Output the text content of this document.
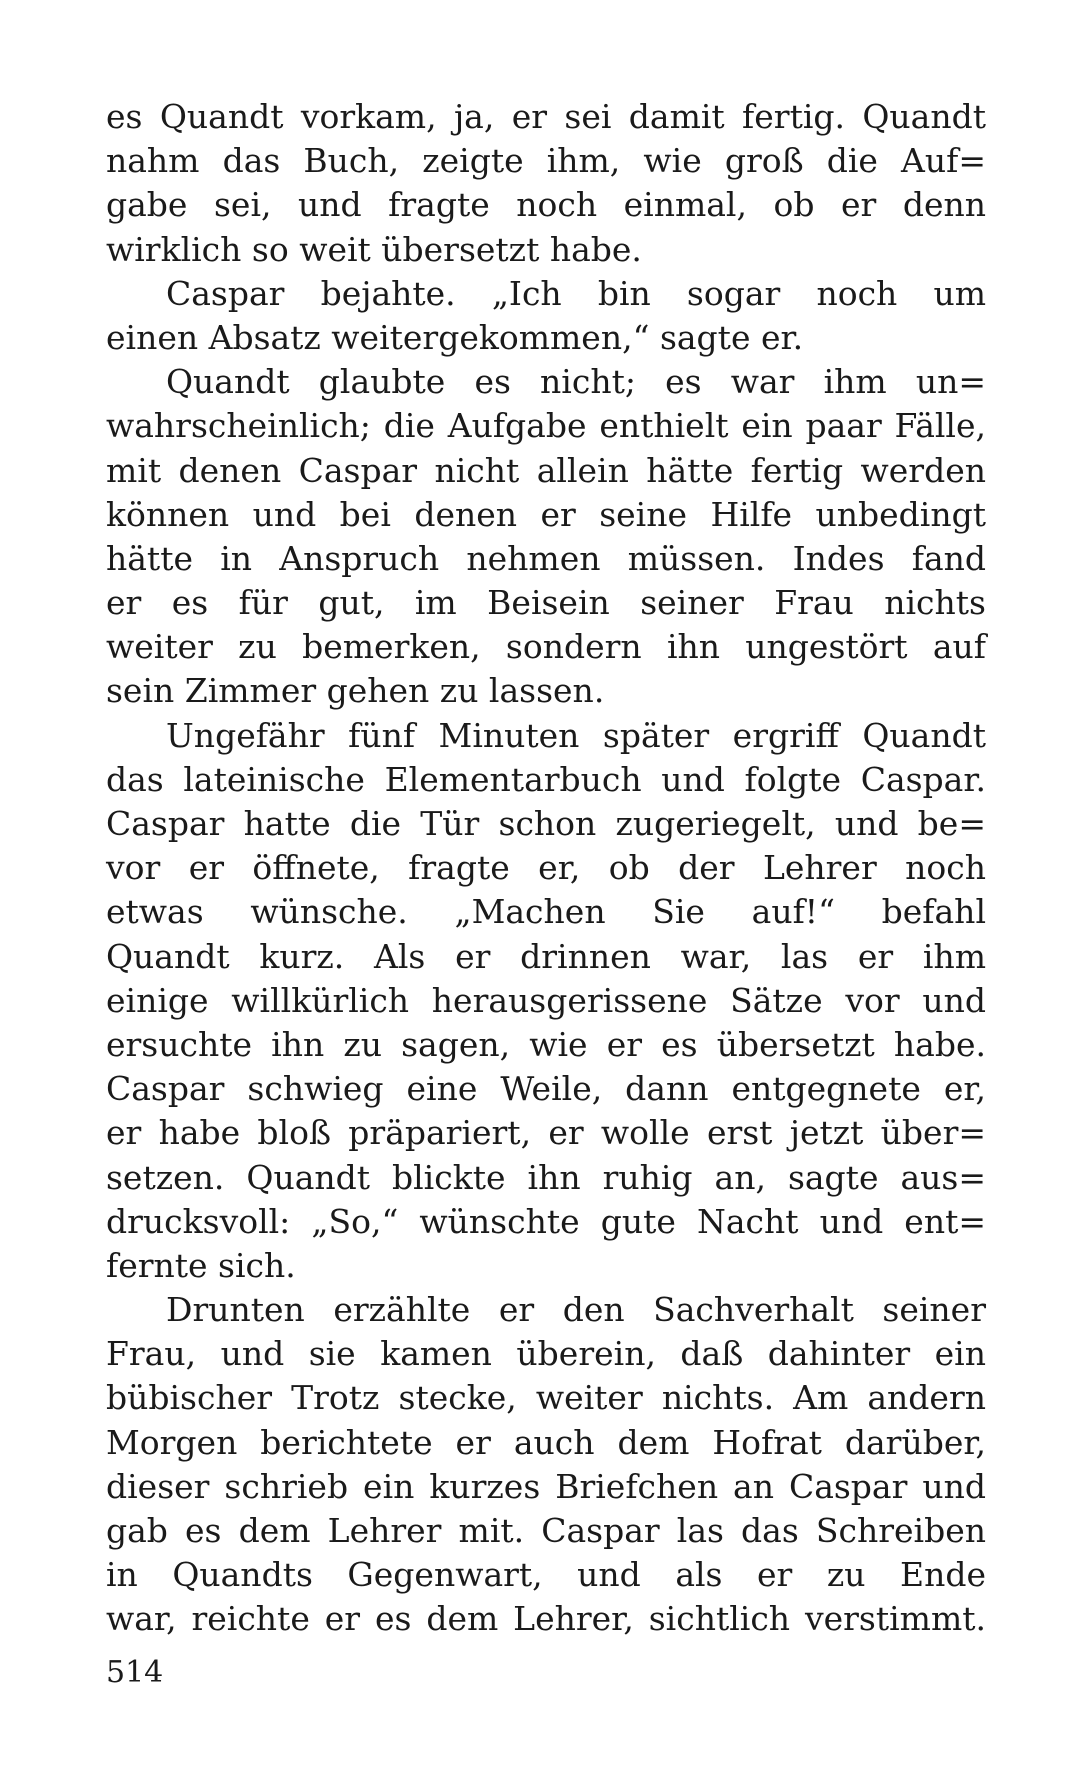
es Quandt vorkam, ja, er sei damit fertig. Quandt
nahm das Buch, zeigte ihm, wie groß die Auf=
gabe sei, und fragte noch einmal, ob er denn
wirklich so weit übersetzt habe.
Caspar bejahte. „Ich bin sogar noch um
einen Absatz weitergekommen,“ sagte er.
Quandt glaubte es nicht; es war ihm un=
wahrscheinlich; die Aufgabe enthielt ein paar Fälle,
mit denen Caspar nicht allein hätte fertig werden
können und bei denen er seine Hilfe unbedingt
hätte in Anspruch nehmen müssen. Indes fand
er es für gut, im Beisein seiner Frau nichts
weiter zu bemerken, sondern ihn ungestört auf
sein Zimmer gehen zu lassen.
Ungefähr fünf Minuten später ergriff Quandt
das lateinische Elementarbuch und folgte Caspar.
Caspar hatte die Tür schon zugeriegelt, und be=
vor er öffnete, fragte er, ob der Lehrer noch
etwas wünsche. „Machen Sie auf!“ befahl
Quandt kurz. Als er drinnen war, las er ihm
einige willkürlich herausgerissene Sätze vor und
ersuchte ihn zu sagen, wie er es übersetzt habe.
Caspar schwieg eine Weile, dann entgegnete er,
er habe bloß präpariert, er wolle erst jetzt über=
setzen. Quandt blickte ihn ruhig an, sagte aus=
drucksvoll: „So,“ wünschte gute Nacht und ent=
fernte sich.
Drunten erzählte er den Sachverhalt seiner
Frau, und sie kamen überein, daß dahinter ein
bübischer Trotz stecke, weiter nichts. Am andern
Morgen berichtete er auch dem Hofrat darüber,
dieser schrieb ein kurzes Briefchen an Caspar und
gab es dem Lehrer mit. Caspar las das Schreiben
in Quandts Gegenwart, und als er zu Ende
war, reichte er es dem Lehrer, sichtlich verstimmt.
514
